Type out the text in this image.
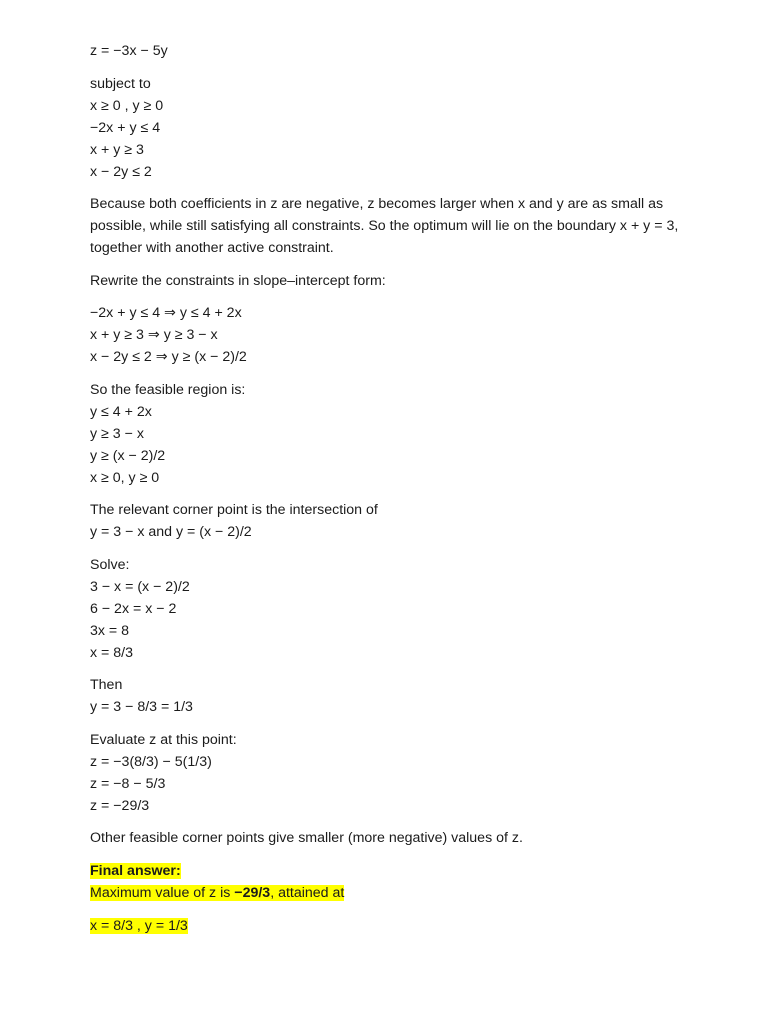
z = −3x − 5y
subject to
x ≥ 0 , y ≥ 0
−2x + y ≤ 4
x + y ≥ 3
x − 2y ≤ 2
Because both coefficients in z are negative, z becomes larger when x and y are as small as possible, while still satisfying all constraints. So the optimum will lie on the boundary x + y = 3, together with another active constraint.
Rewrite the constraints in slope–intercept form:
−2x + y ≤ 4 ⇒ y ≤ 4 + 2x
x + y ≥ 3 ⇒ y ≥ 3 − x
x − 2y ≤ 2 ⇒ y ≥ (x − 2)/2
So the feasible region is:
y ≤ 4 + 2x
y ≥ 3 − x
y ≥ (x − 2)/2
x ≥ 0, y ≥ 0
The relevant corner point is the intersection of
y = 3 − x and y = (x − 2)/2
Solve:
3 − x = (x − 2)/2
6 − 2x = x − 2
3x = 8
x = 8/3
Then
y = 3 − 8/3 = 1/3
Evaluate z at this point:
z = −3(8/3) − 5(1/3)
z = −8 − 5/3
z = −29/3
Other feasible corner points give smaller (more negative) values of z.
Final answer:
Maximum value of z is −29/3, attained at
x = 8/3 , y = 1/3
